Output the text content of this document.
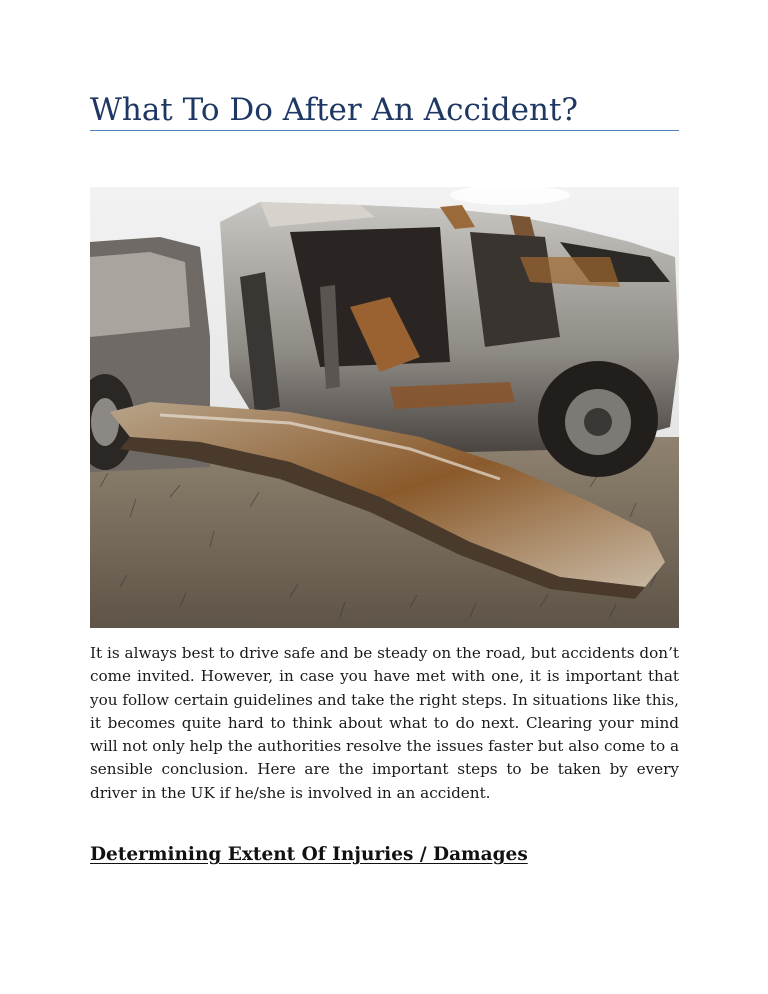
What To Do After An Accident?

It is always best to drive safe and be steady on the road, but accidents don’t come invited. However, in case you have met with one, it is important that you follow certain guidelines and take the right steps. In situations like this, it becomes quite hard to think about what to do next. Clearing your mind will not only help the authorities resolve the issues faster but also come to a sensible conclusion. Here are the important steps to be taken by every driver in the UK if he/she is involved in an accident.

Determining Extent Of Injuries / Damages
